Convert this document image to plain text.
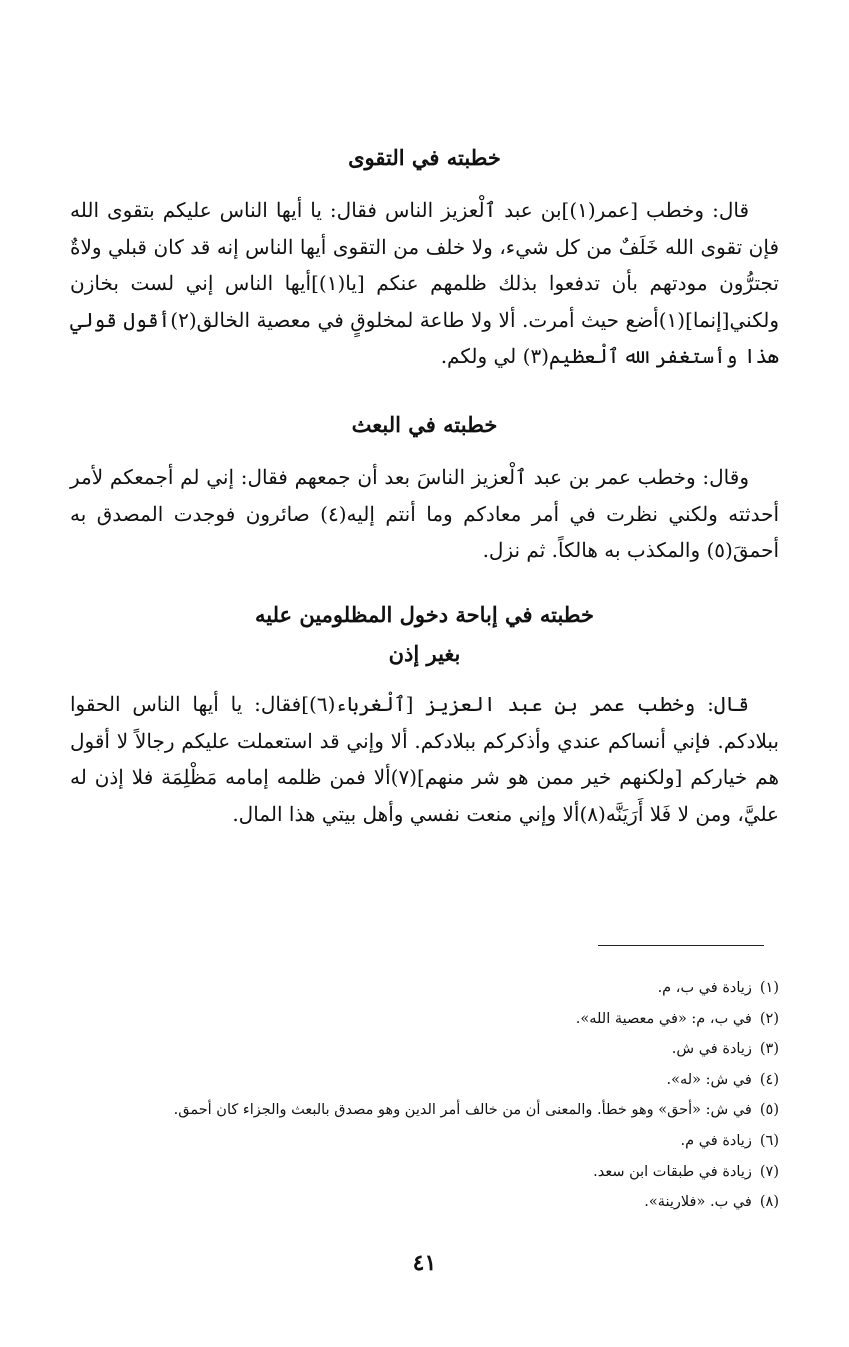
خطبته في التقوى

قال: وخطب [عمر(١)]بن عبد ٱلْعزيز الناس فقال: يا أيها الناس عليكم بتقوى الله فإن تقوى الله خَلَفٌ من كل شيء، ولا خلف من التقوى أيها الناس إنه قد كان قبلي ولاةٌ تجترُّون مودتهم بأن تدفعوا بذلك ظلمهم عنكم [يا(١)]أيها الناس إني لست بخازن ولكني[إنما](١)أضع حيث أمرت. ألا ولا طاعة لمخلوقٍ في معصية الخالق(٢)أقول قولي هذا وأستغفر الله ٱلْعظيم(٣) لي ولكم.

خطبته في البعث

وقال: وخطب عمر بن عبد ٱلْعزيز الناسَ بعد أن جمعهم فقال: إني لم أجمعكم لأمر أحدثته ولكني نظرت في أمر معادكم وما أنتم إليه(٤) صائرون فوجدت المصدق به أحمقَ(٥) والمكذب به هالكاً. ثم نزل.

خطبته في إباحة دخول المظلومين عليه
بغير إذن

قال: وخطب عمر بن عبد العزيز [ٱلْغرباء(٦)]فقال: يا أيها الناس الحقوا ببلادكم. فإني أنساكم عندي وأذكركم ببلادكم. ألا وإني قد استعملت عليكم رجالاً لا أقول هم خياركم [ولكنهم خير ممن هو شر منهم](٧)ألا فمن ظلمه إمامه مَظْلِمَة فلا إذن له عليَّ، ومن لا فَلا أَرَيَنَّه(٨)ألا وإني منعت نفسي وأهل بيتي هذا المال.

(١)زيادة في ب، م.
(٢)في ب، م: «في معصية الله».
(٣)زيادة في ش.
(٤)في ش: «له».
(٥)في ش: «أحق» وهو خطأ. والمعنى أن من خالف أمر الدين وهو مصدق بالبعث والجزاء كان أحمق.
(٦)زيادة في م.
(٧)زيادة في طبقات ابن سعد.
(٨)في ب. «فلارينة».
٤١
